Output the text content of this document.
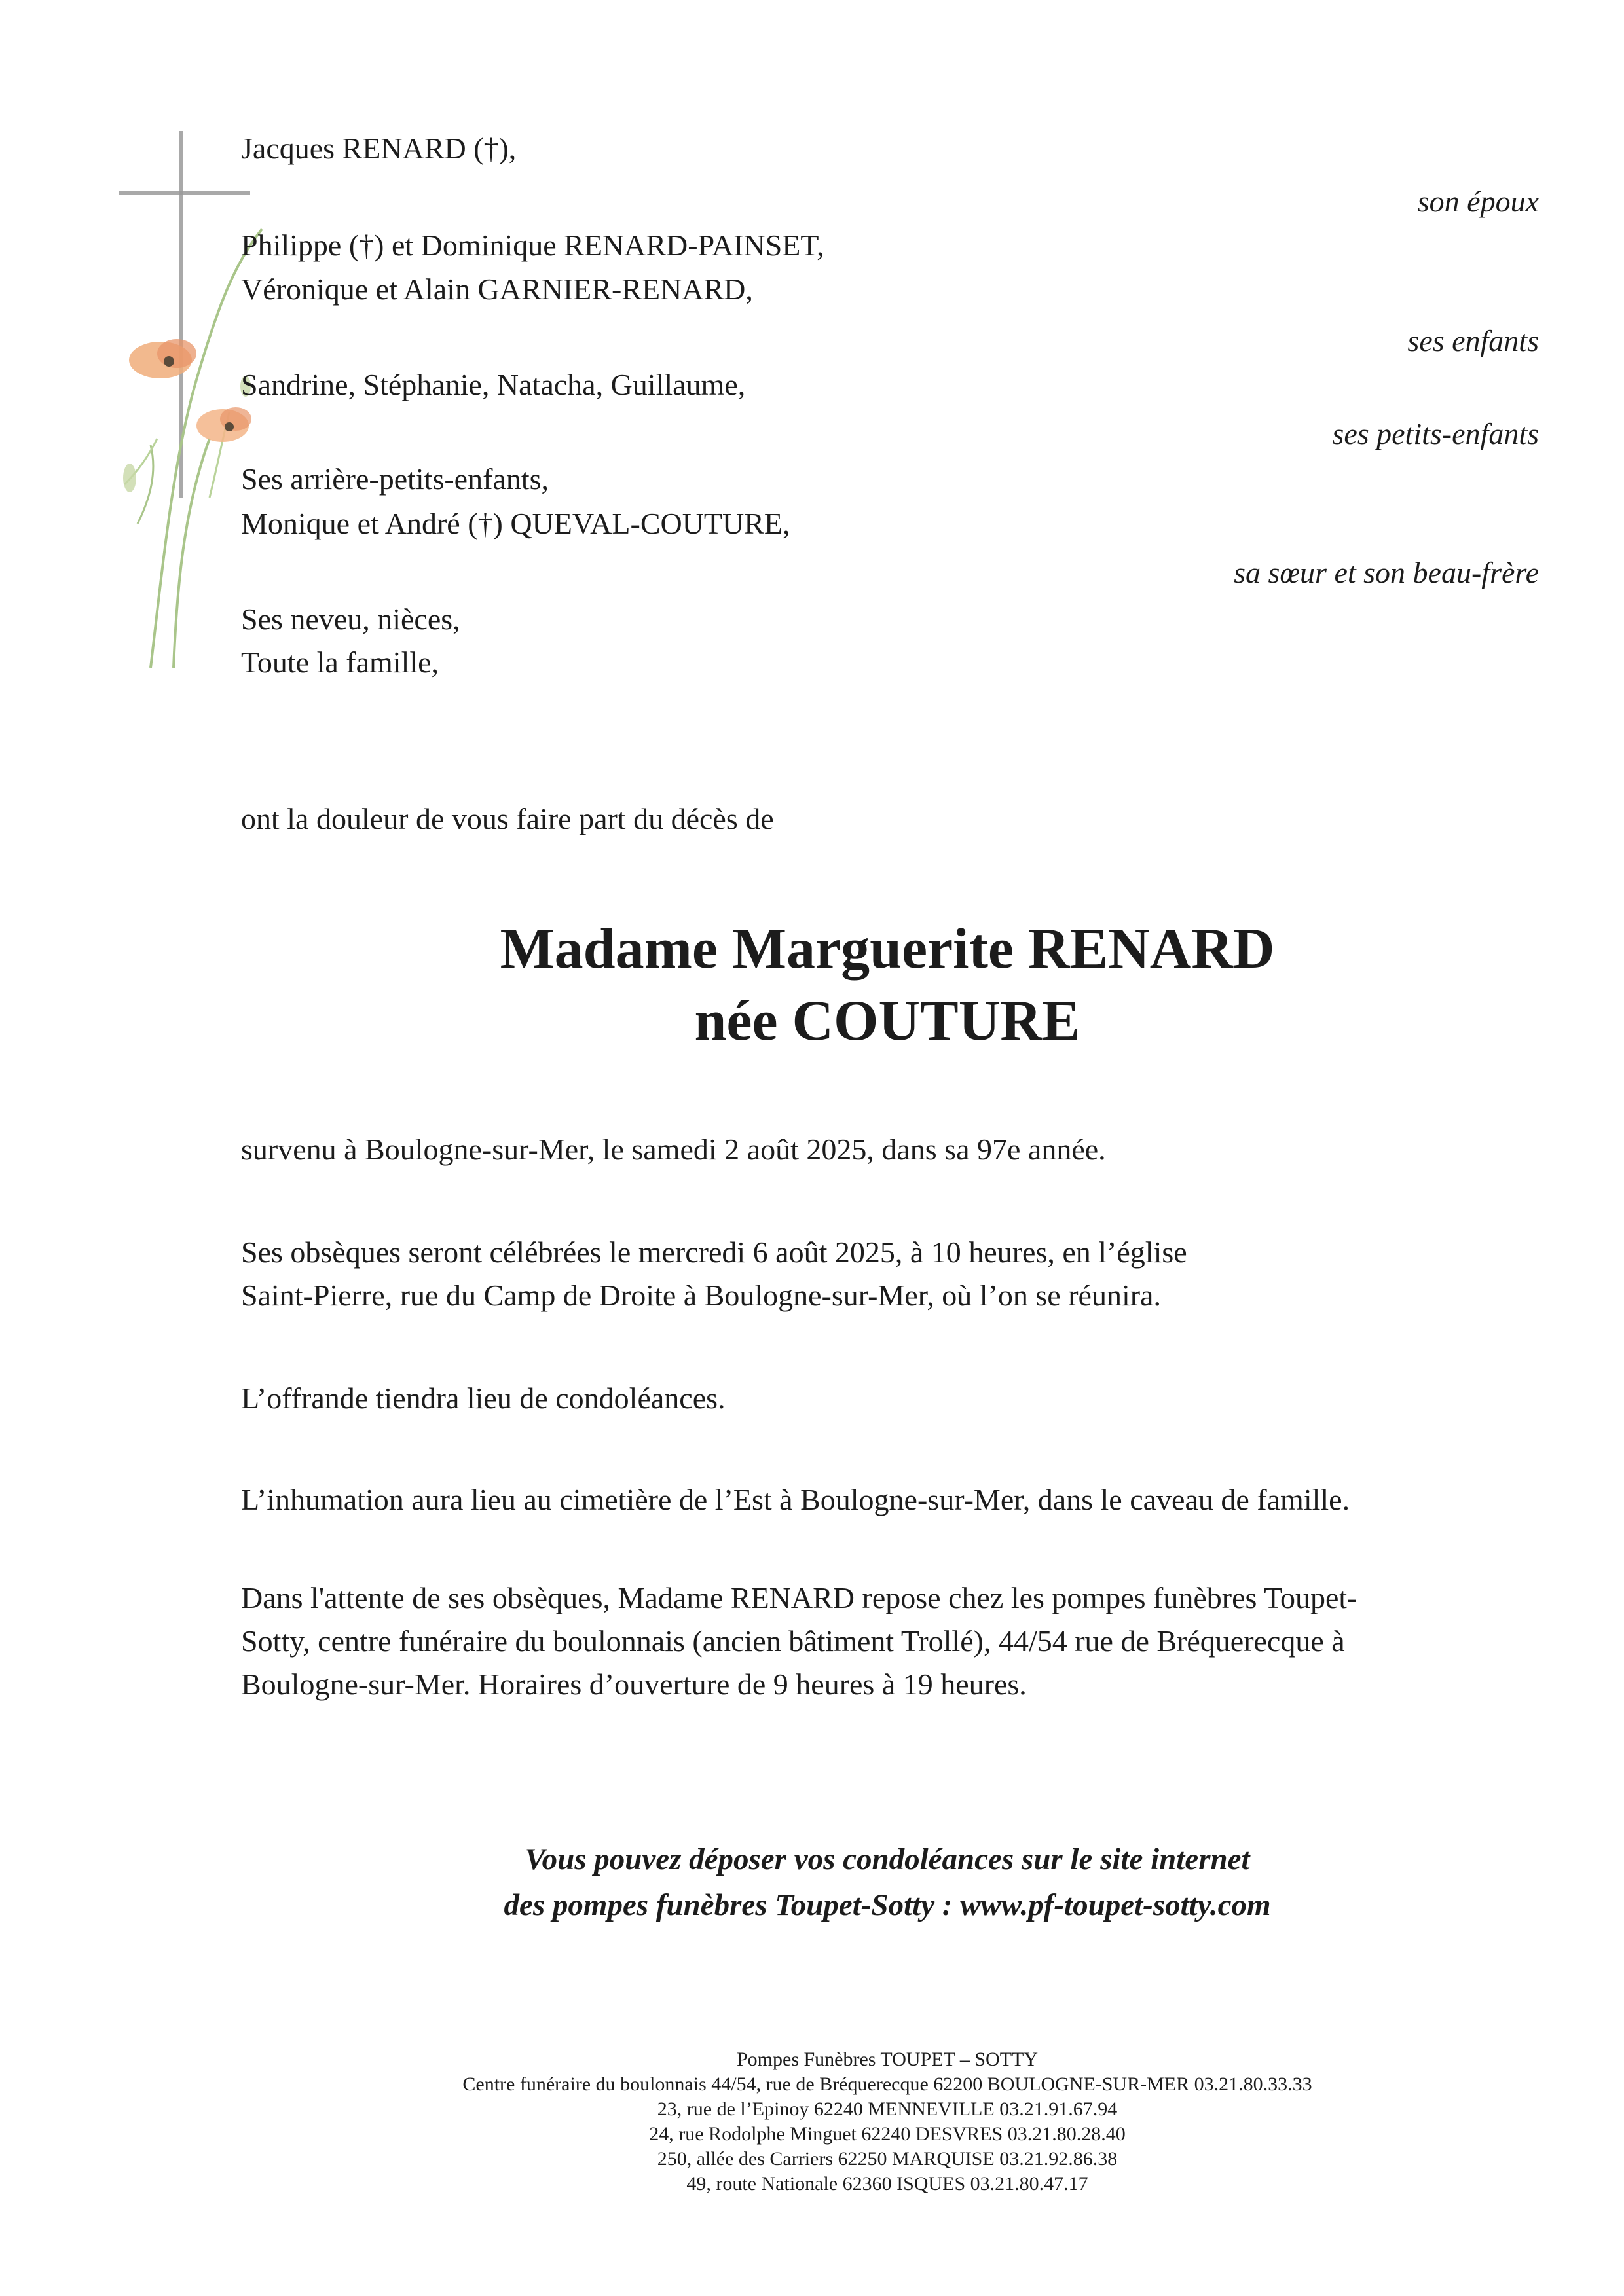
Jacques RENARD (†),
Philippe (†) et Dominique RENARD-PAINSET,
Véronique et Alain GARNIER-RENARD,
Sandrine, Stéphanie, Natacha, Guillaume,
Ses arrière-petits-enfants,
Monique et André (†) QUEVAL-COUTURE,
Ses neveu, nièces,
Toute la famille,
son époux
ses enfants
ses petits-enfants
sa sœur et son beau-frère
ont la douleur de vous faire part du décès de
Madame Marguerite RENARD
née COUTURE
survenu à Boulogne-sur-Mer, le samedi 2 août 2025, dans sa 97e année.
Ses obsèques seront célébrées le mercredi 6 août 2025, à 10 heures, en l’église
Saint-Pierre, rue du Camp de Droite à Boulogne-sur-Mer, où l’on se réunira.
L’offrande tiendra lieu de condoléances.
L’inhumation aura lieu au cimetière de l’Est à Boulogne-sur-Mer, dans le caveau de famille.
Dans l'attente de ses obsèques, Madame RENARD repose chez les pompes funèbres Toupet-
Sotty, centre funéraire du boulonnais (ancien bâtiment Trollé), 44/54 rue de Bréquerecque à
Boulogne-sur-Mer. Horaires d’ouverture de 9 heures à 19 heures.
Vous pouvez déposer vos condoléances sur le site internet
des pompes funèbres Toupet-Sotty : www.pf-toupet-sotty.com
Pompes Funèbres TOUPET – SOTTY
Centre funéraire du boulonnais 44/54, rue de Bréquerecque 62200 BOULOGNE-SUR-MER 03.21.80.33.33
23, rue de l’Epinoy 62240 MENNEVILLE 03.21.91.67.94
24, rue Rodolphe Minguet 62240 DESVRES 03.21.80.28.40
250, allée des Carriers 62250 MARQUISE 03.21.92.86.38
49, route Nationale 62360 ISQUES 03.21.80.47.17
